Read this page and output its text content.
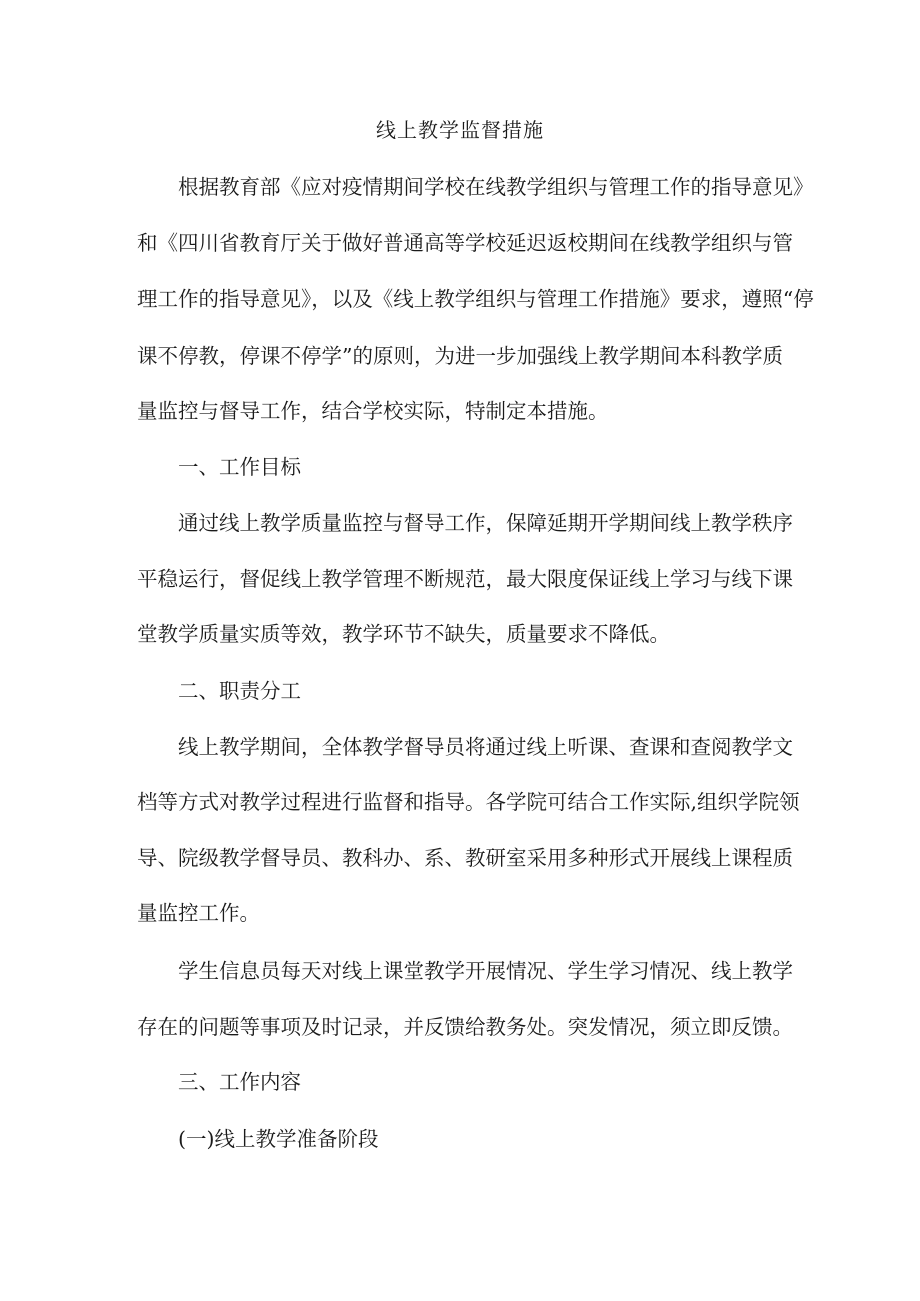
线上教学监督措施
根据教育部《应对疫情期间学校在线教学组织与管理工作的指导意见》
和《四川省教育厅关于做好普通高等学校延迟返校期间在线教学组织与管
理工作的指导意见》，以及《线上教学组织与管理工作措施》要求，遵照“停
课不停教，停课不停学”的原则，为进一步加强线上教学期间本科教学质
量监控与督导工作，结合学校实际，特制定本措施。
一、工作目标
通过线上教学质量监控与督导工作，保障延期开学期间线上教学秩序
平稳运行，督促线上教学管理不断规范，最大限度保证线上学习与线下课
堂教学质量实质等效，教学环节不缺失，质量要求不降低。
二、职责分工
线上教学期间，全体教学督导员将通过线上听课、查课和查阅教学文
档等方式对教学过程进行监督和指导。各学院可结合工作实际,组织学院领
导、院级教学督导员、教科办、系、教研室采用多种形式开展线上课程质
量监控工作。
学生信息员每天对线上课堂教学开展情况、学生学习情况、线上教学
存在的问题等事项及时记录，并反馈给教务处。突发情况，须立即反馈。
三、工作内容
(一)线上教学准备阶段
